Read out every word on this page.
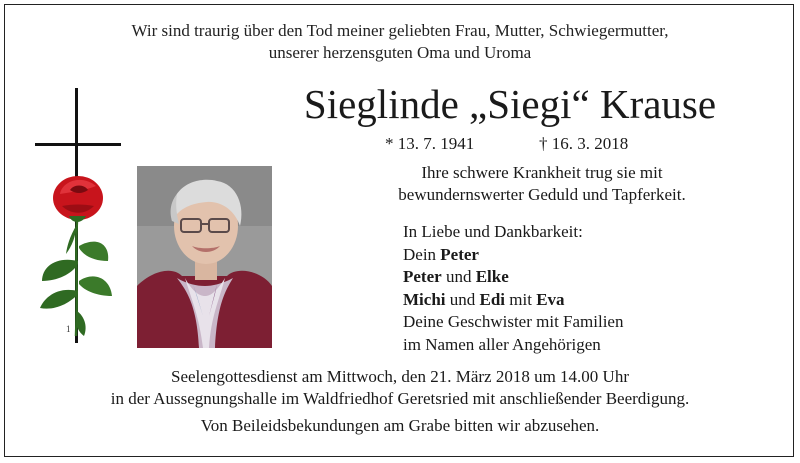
Wir sind traurig über den Tod meiner geliebten Frau, Mutter, Schwiegermutter,
unserer herzensguten Oma und Uroma
Sieglinde „Siegi“ Krause
* 13. 7. 1941	† 16. 3. 2018
Ihre schwere Krankheit trug sie mit
bewundernswerter Geduld und Tapferkeit.
In Liebe und Dankbarkeit:
Dein Peter
Peter und Elke
Michi und Edi mit Eva
Deine Geschwister mit Familien
im Namen aller Angehörigen
1
Seelengottesdienst am Mittwoch, den 21. März 2018 um 14.00 Uhr
in der Aussegnungshalle im Waldfriedhof Geretsried mit anschließender Beerdigung.
Von Beileidsbekundungen am Grabe bitten wir abzusehen.
